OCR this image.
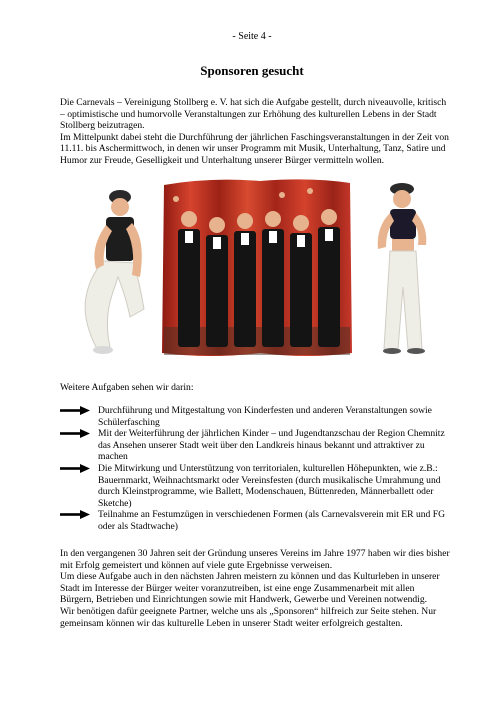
- Seite 4 -
Sponsoren gesucht

Die Carnevals – Vereinigung Stollberg e. V. hat sich die Aufgabe gestellt, durch niveauvolle, kritisch – optimistische und humorvolle Veranstaltungen zur Erhöhung des kulturellen Lebens in der Stadt Stollberg beizutragen.

Im Mittelpunkt dabei steht die Durchführung der jährlichen Faschingsveranstaltungen in der Zeit von 11.11. bis Aschermittwoch, in denen wir unser Programm mit Musik, Unterhaltung, Tanz, Satire und Humor zur Freude, Geselligkeit und Unterhaltung unserer Bürger vermitteln wollen.

Weitere Aufgaben sehen wir darin:

Durchführung und Mitgestaltung von Kinderfesten und anderen Veranstaltungen sowie Schülerfasching

Mit der Weiterführung der jährlichen Kinder – und Jugendtanzschau der Region Chemnitz das Ansehen unserer Stadt weit über den Landkreis hinaus bekannt und attraktiver zu machen

Die Mitwirkung und Unterstützung von territorialen, kulturellen Höhepunkten, wie z.B.: Bauernmarkt, Weihnachtsmarkt oder Vereinsfesten (durch musikalische Umrahmung und durch Kleinstprogramme, wie Ballett, Modenschauen, Büttenreden, Männerballett oder Sketche)

Teilnahme an Festumzügen in verschiedenen Formen (als Carnevalsverein mit ER und FG oder als Stadtwache)

In den vergangenen 30 Jahren seit der Gründung unseres Vereins im Jahre 1977 haben wir dies bisher mit Erfolg gemeistert und können auf viele gute Ergebnisse verweisen.

Um diese Aufgabe auch in den nächsten Jahren meistern zu können und das Kulturleben in unserer Stadt im Interesse der Bürger weiter voranzutreiben, ist eine enge Zusammenarbeit mit allen Bürgern, Betrieben und Einrichtungen sowie mit Handwerk, Gewerbe und Vereinen notwendig.

Wir benötigen dafür geeignete Partner, welche uns als „Sponsoren“ hilfreich zur Seite stehen. Nur gemeinsam können wir das kulturelle Leben in unserer Stadt weiter erfolgreich gestalten.
